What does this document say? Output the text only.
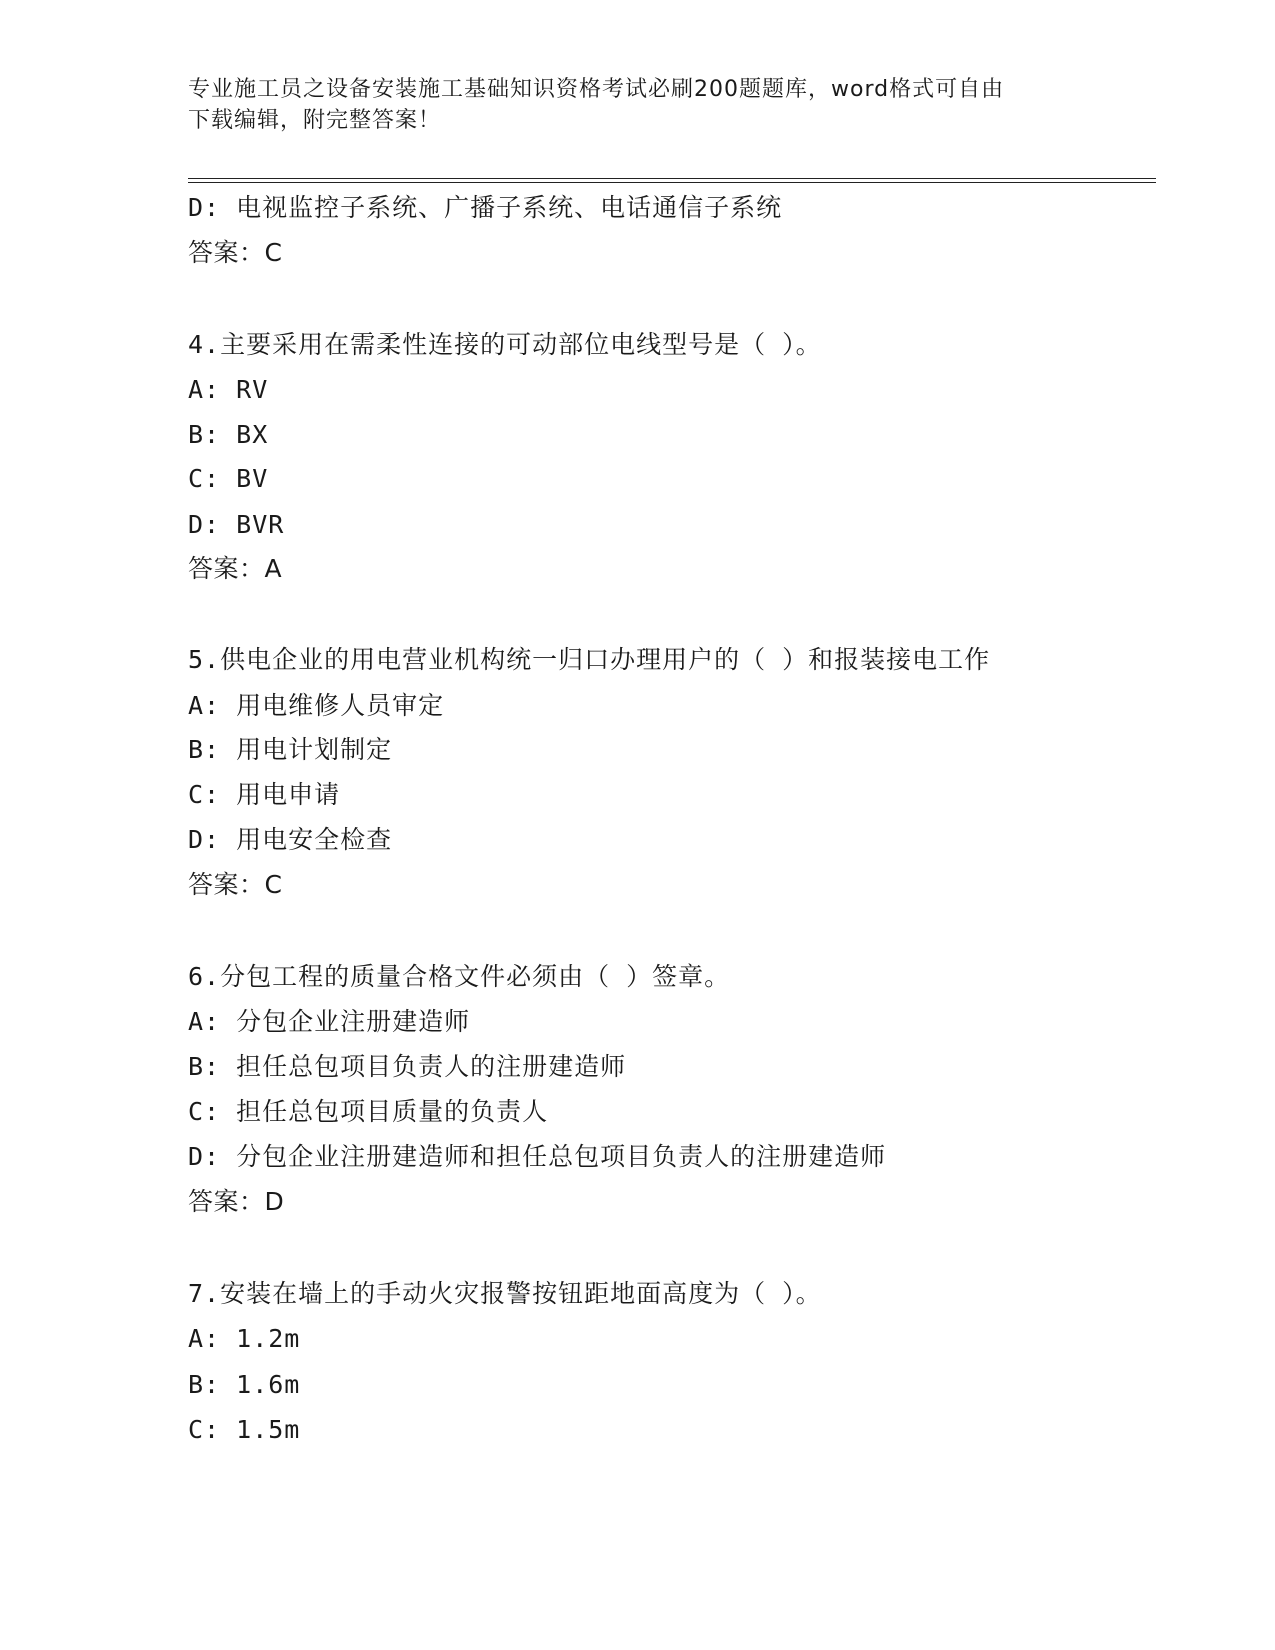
专业施工员之设备安装施工基础知识资格考试必刷200题题库，word格式可自由
下载编辑，附完整答案！
D: 电视监控子系统、广播子系统、电话通信子系统
答案：C
4.主要采用在需柔性连接的可动部位电线型号是（ ）。
A: RV
B: BX
C: BV
D: BVR
答案：A
5.供电企业的用电营业机构统一归口办理用户的（ ）和报装接电工作
A: 用电维修人员审定
B: 用电计划制定
C: 用电申请
D: 用电安全检查
答案：C
6.分包工程的质量合格文件必须由（ ）签章。
A: 分包企业注册建造师
B: 担任总包项目负责人的注册建造师
C: 担任总包项目质量的负责人
D: 分包企业注册建造师和担任总包项目负责人的注册建造师
答案：D
7.安装在墙上的手动火灾报警按钮距地面高度为（ ）。
A: 1.2m
B: 1.6m
C: 1.5m
